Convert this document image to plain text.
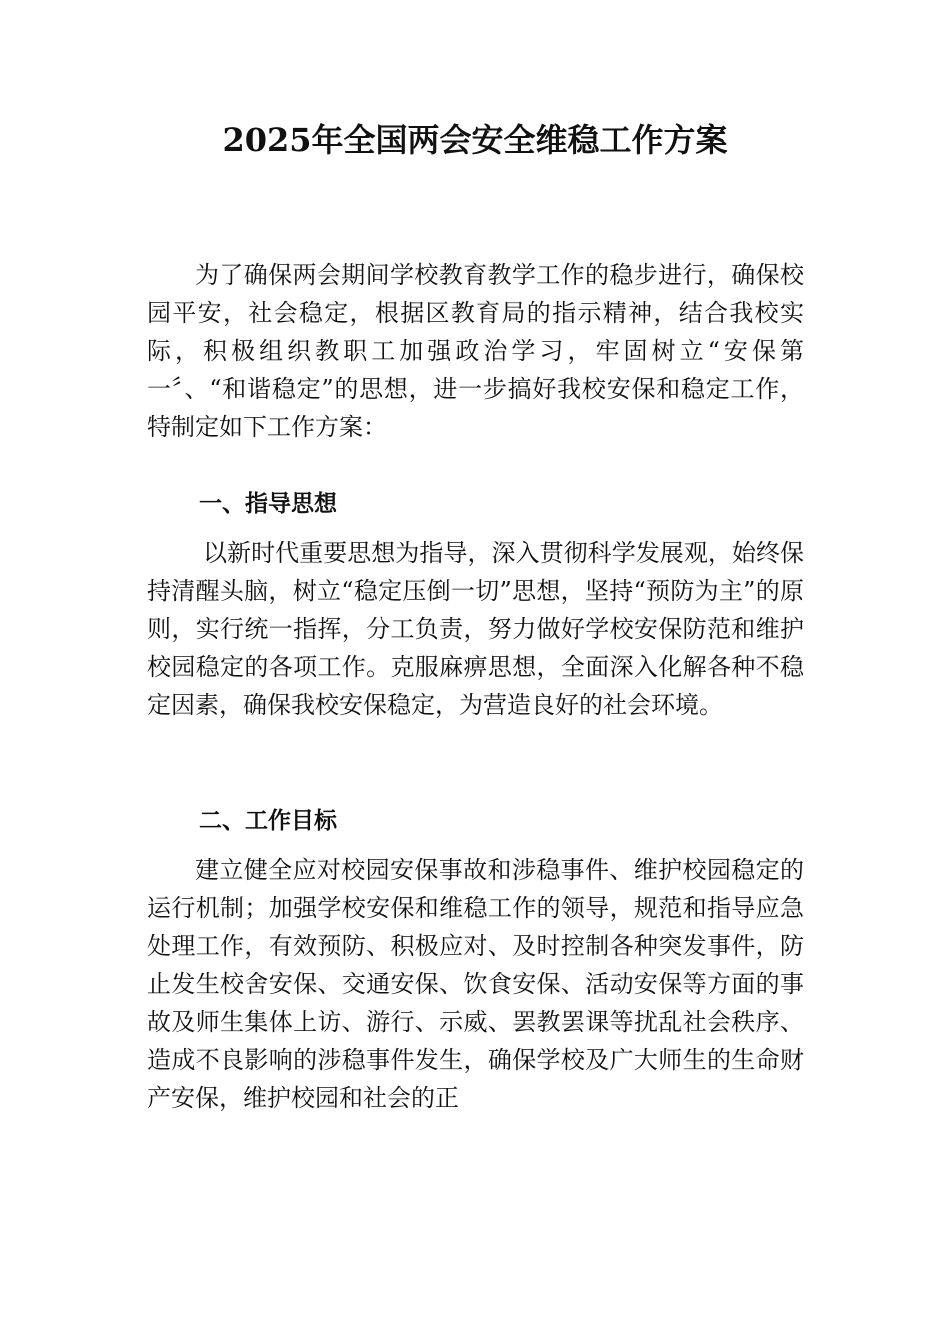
2025年全国两会安全维稳工作方案

为了确保两会期间学校教育教学工作的稳步进行，确保校园平安，社会稳定，根据区教育局的指示精神，结合我校实际，积极组织教职工加强政治学习，牢固树立“安保第一〞、“和谐稳定”的思想，进一步搞好我校安保和稳定工作，特制定如下工作方案：

一、指导思想

以新时代重要思想为指导，深入贯彻科学发展观，始终保持清醒头脑，树立“稳定压倒一切”思想，坚持“预防为主”的原则，实行统一指挥，分工负责，努力做好学校安保防范和维护校园稳定的各项工作。克服麻痹思想，全面深入化解各种不稳定因素，确保我校安保稳定，为营造良好的社会环境。

二、工作目标

建立健全应对校园安保事故和涉稳事件、维护校园稳定的运行机制；加强学校安保和维稳工作的领导，规范和指导应急处理工作，有效预防、积极应对、及时控制各种突发事件，防止发生校舍安保、交通安保、饮食安保、活动安保等方面的事故及师生集体上访、游行、示威、罢教罢课等扰乱社会秩序、造成不良影响的涉稳事件发生，确保学校及广大师生的生命财产安保，维护校园和社会的正
